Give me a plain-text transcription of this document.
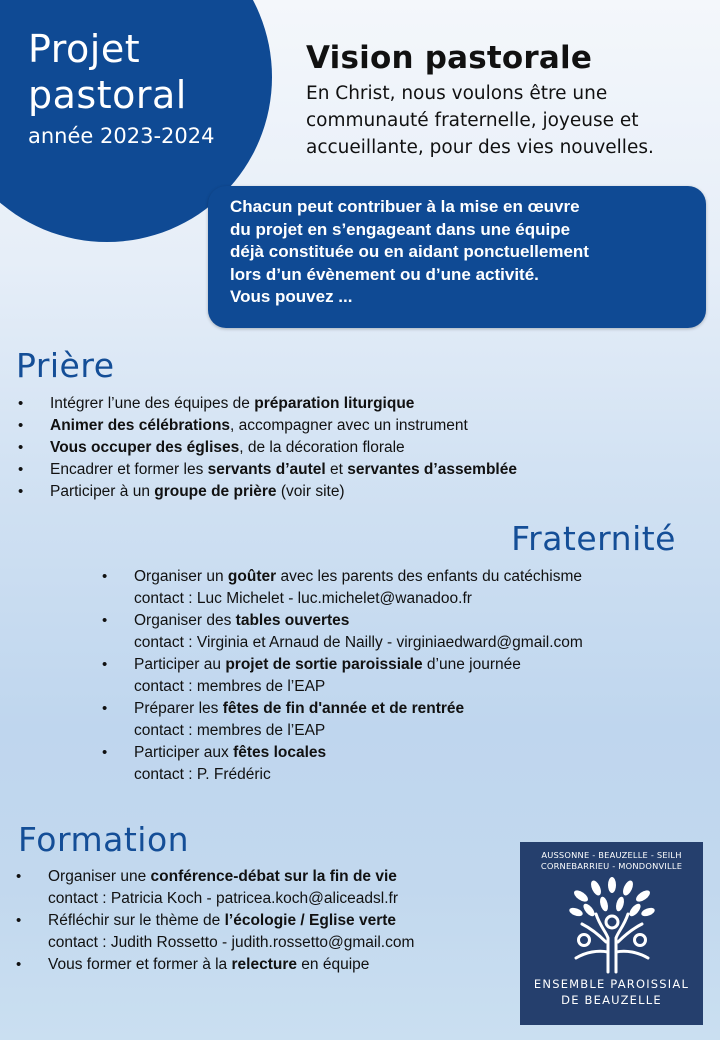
Projet
pastoral
année 2023-2024
Vision pastorale
En Christ, nous voulons être une
communauté fraternelle, joyeuse et
accueillante, pour des vies nouvelles.
Chacun peut contribuer à la mise en œuvre
du projet en s’engageant dans une équipe
déjà constituée ou en aidant ponctuellement
lors d’un évènement ou d’une activité.
Vous pouvez ...
Prière
• Intégrer l’une des équipes de préparation liturgique
• Animer des célébrations, accompagner avec un instrument
• Vous occuper des églises, de la décoration florale
• Encadrer et former les servants d’autel et servantes d’assemblée
• Participer à un groupe de prière (voir site)
Fraternité
• Organiser un goûter avec les parents des enfants du catéchisme
contact : Luc Michelet - luc.michelet@wanadoo.fr
• Organiser des tables ouvertes
contact : Virginia et Arnaud de Nailly - virginiaedward@gmail.com
• Participer au projet de sortie paroissiale d’une journée
contact : membres de l’EAP
• Préparer les fêtes de fin d'année et de rentrée
contact : membres de l’EAP
• Participer aux fêtes locales
contact : P. Frédéric
Formation
• Organiser une conférence-débat sur la fin de vie
contact : Patricia Koch - patricea.koch@aliceadsl.fr
• Réfléchir sur le thème de l’écologie / Eglise verte
contact : Judith Rossetto - judith.rossetto@gmail.com
• Vous former et former à la relecture en équipe
AUSSONNE - BEAUZELLE - SEILH
CORNEBARRIEU - MONDONVILLE
ENSEMBLE PAROISSIAL
DE BEAUZELLE
